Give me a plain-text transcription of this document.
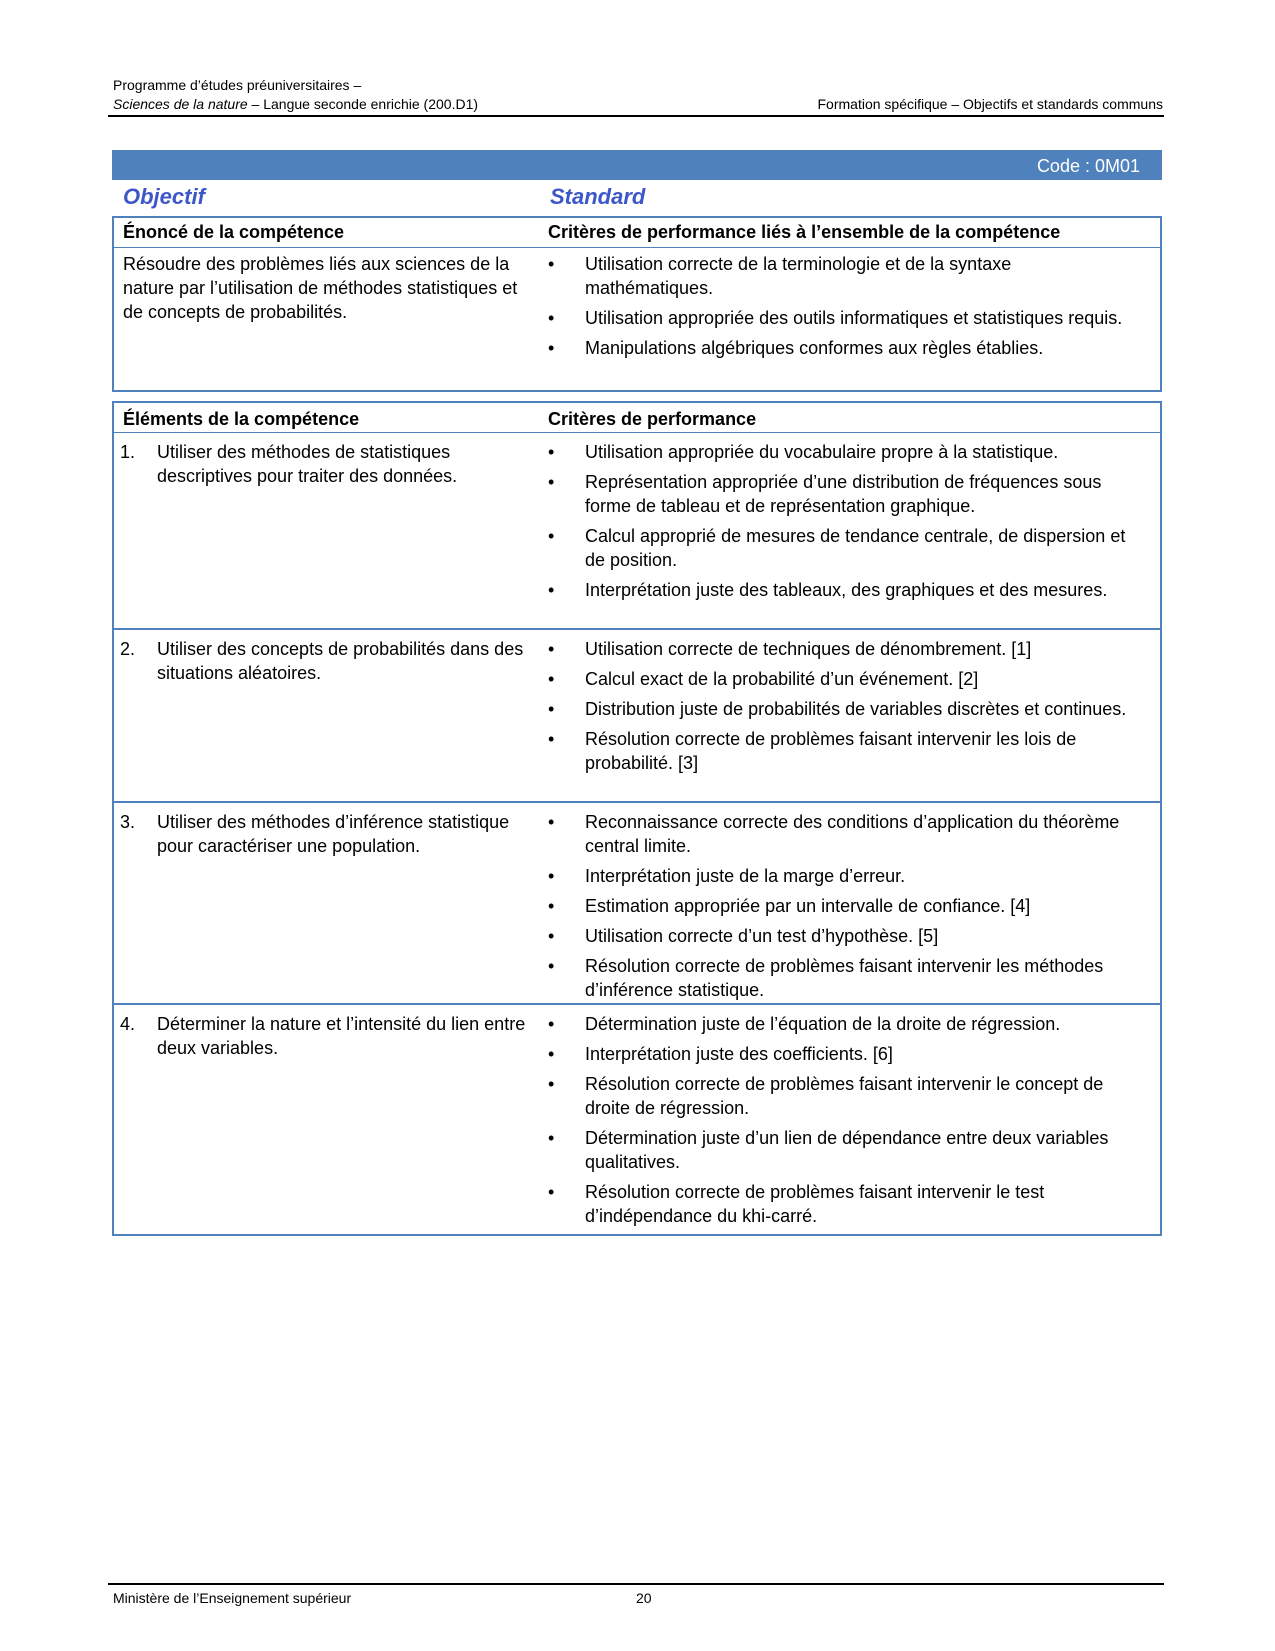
Programme d’études préuniversitaires –
Sciences de la nature – Langue seconde enrichie (200.D1)	Formation spécifique – Objectifs et standards communs
Code : 0M01
Objectif	Standard
Énoncé de la compétence	Critères de performance liés à l’ensemble de la compétence
Résoudre des problèmes liés aux sciences de la nature par l’utilisation de méthodes statistiques et de concepts de probabilités.
• Utilisation correcte de la terminologie et de la syntaxe mathématiques.
• Utilisation appropriée des outils informatiques et statistiques requis.
• Manipulations algébriques conformes aux règles établies.
Éléments de la compétence	Critères de performance
1. Utiliser des méthodes de statistiques descriptives pour traiter des données.
• Utilisation appropriée du vocabulaire propre à la statistique.
• Représentation appropriée d’une distribution de fréquences sous forme de tableau et de représentation graphique.
• Calcul approprié de mesures de tendance centrale, de dispersion et de position.
• Interprétation juste des tableaux, des graphiques et des mesures.
2. Utiliser des concepts de probabilités dans des situations aléatoires.
• Utilisation correcte de techniques de dénombrement. [1]
• Calcul exact de la probabilité d’un événement. [2]
• Distribution juste de probabilités de variables discrètes et continues.
• Résolution correcte de problèmes faisant intervenir les lois de probabilité. [3]
3. Utiliser des méthodes d’inférence statistique pour caractériser une population.
• Reconnaissance correcte des conditions d’application du théorème central limite.
• Interprétation juste de la marge d’erreur.
• Estimation appropriée par un intervalle de confiance. [4]
• Utilisation correcte d’un test d’hypothèse. [5]
• Résolution correcte de problèmes faisant intervenir les méthodes d’inférence statistique.
4. Déterminer la nature et l’intensité du lien entre deux variables.
• Détermination juste de l’équation de la droite de régression.
• Interprétation juste des coefficients. [6]
• Résolution correcte de problèmes faisant intervenir le concept de droite de régression.
• Détermination juste d’un lien de dépendance entre deux variables qualitatives.
• Résolution correcte de problèmes faisant intervenir le test d’indépendance du khi-carré.
Ministère de l’Enseignement supérieur	20
